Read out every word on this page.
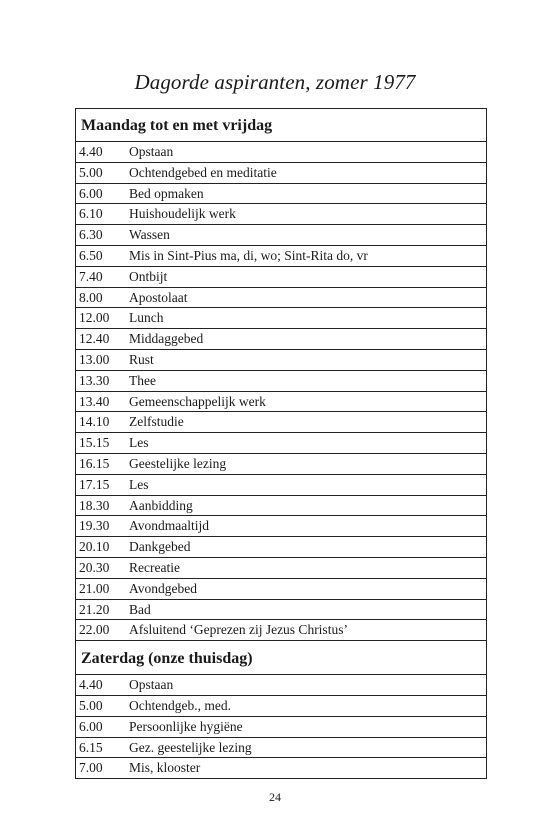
Dagorde aspiranten, zomer 1977
Maandag tot en met vrijdag
4.40 Opstaan
5.00 Ochtendgebed en meditatie
6.00 Bed opmaken
6.10 Huishoudelijk werk
6.30 Wassen
6.50 Mis in Sint-Pius ma, di, wo; Sint-Rita do, vr
7.40 Ontbijt
8.00 Apostolaat
12.00 Lunch
12.40 Middaggebed
13.00 Rust
13.30 Thee
13.40 Gemeenschappelijk werk
14.10 Zelfstudie
15.15 Les
16.15 Geestelijke lezing
17.15 Les
18.30 Aanbidding
19.30 Avondmaaltijd
20.10 Dankgebed
20.30 Recreatie
21.00 Avondgebed
21.20 Bad
22.00 Afsluitend ‘Geprezen zij Jezus Christus’
Zaterdag (onze thuisdag)
4.40 Opstaan
5.00 Ochtendgeb., med.
6.00 Persoonlijke hygiëne
6.15 Gez. geestelijke lezing
7.00 Mis, klooster
24
